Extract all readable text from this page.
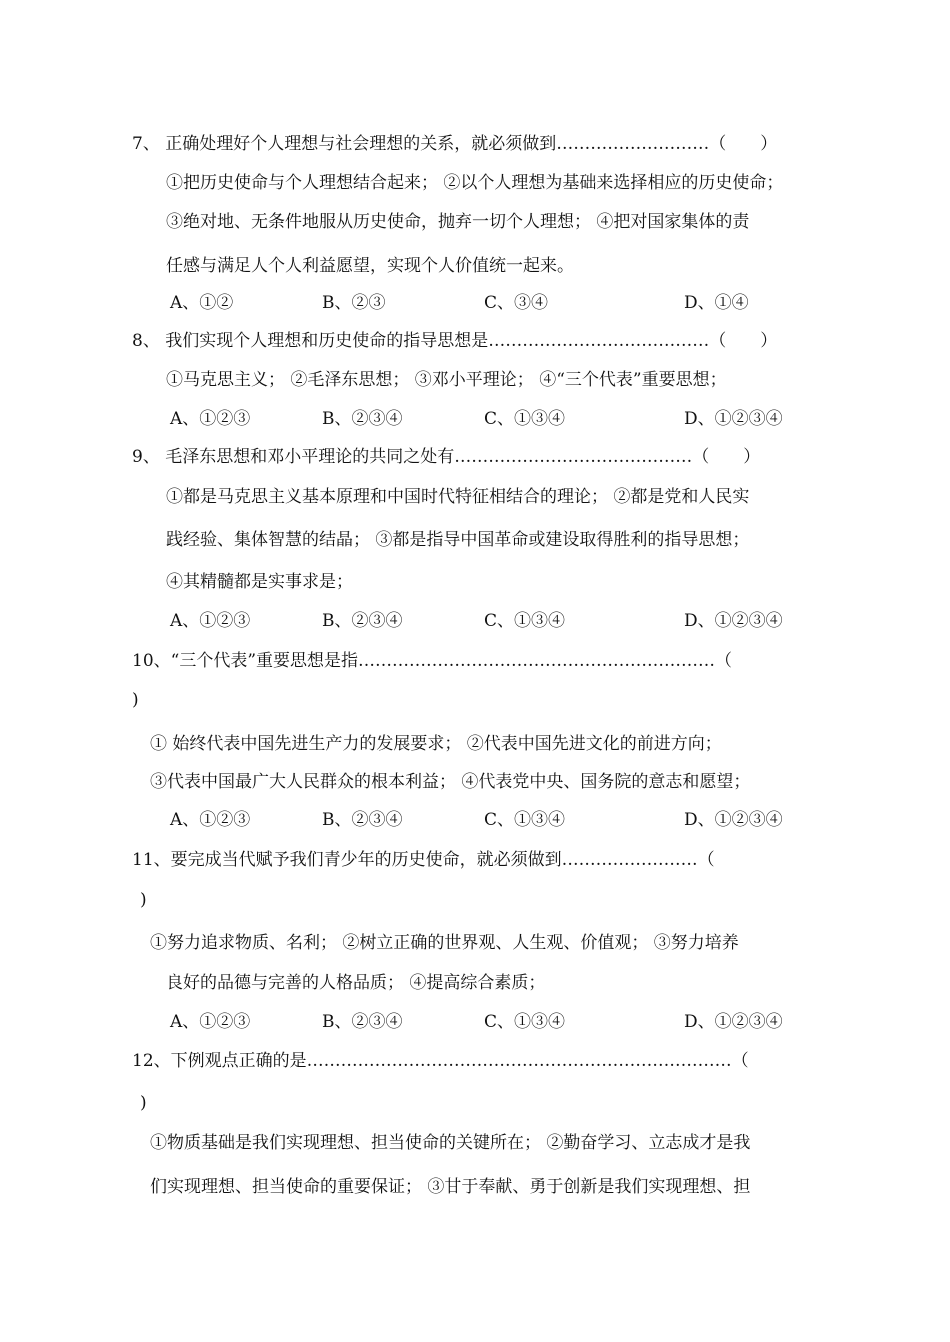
7、 正确处理好个人理想与社会理想的关系，就必须做到………………………（　　）
①把历史使命与个人理想结合起来； ②以个人理想为基础来选择相应的历史使命；
③绝对地、无条件地服从历史使命，抛弃一切个人理想； ④把对国家集体的责
任感与满足人个人利益愿望，实现个人价值统一起来。
A、①②	B、②③	C、③④	D、①④
8、 我们实现个人理想和历史使命的指导思想是…………………………………（　　）
①马克思主义； ②毛泽东思想； ③邓小平理论； ④“三个代表”重要思想；
A、①②③	B、②③④	C、①③④	D、①②③④
9、 毛泽东思想和邓小平理论的共同之处有……………………………………（　　）
①都是马克思主义基本原理和中国时代特征相结合的理论； ②都是党和人民实
践经验、集体智慧的结晶； ③都是指导中国革命或建设取得胜利的指导思想；
④其精髓都是实事求是；
A、①②③	B、②③④	C、①③④	D、①②③④
10、“三个代表”重要思想是指………………………………………………………（
)
① 始终代表中国先进生产力的发展要求； ②代表中国先进文化的前进方向；
③代表中国最广大人民群众的根本利益； ④代表党中央、国务院的意志和愿望；
A、①②③	B、②③④	C、①③④	D、①②③④
11、要完成当代赋予我们青少年的历史使命，就必须做到……………………（
)
①努力追求物质、名利； ②树立正确的世界观、人生观、价值观； ③努力培养
良好的品德与完善的人格品质； ④提高综合素质；
A、①②③	B、②③④	C、①③④	D、①②③④
12、下例观点正确的是…………………………………………………………………（
)
①物质基础是我们实现理想、担当使命的关键所在； ②勤奋学习、立志成才是我
们实现理想、担当使命的重要保证； ③甘于奉献、勇于创新是我们实现理想、担
